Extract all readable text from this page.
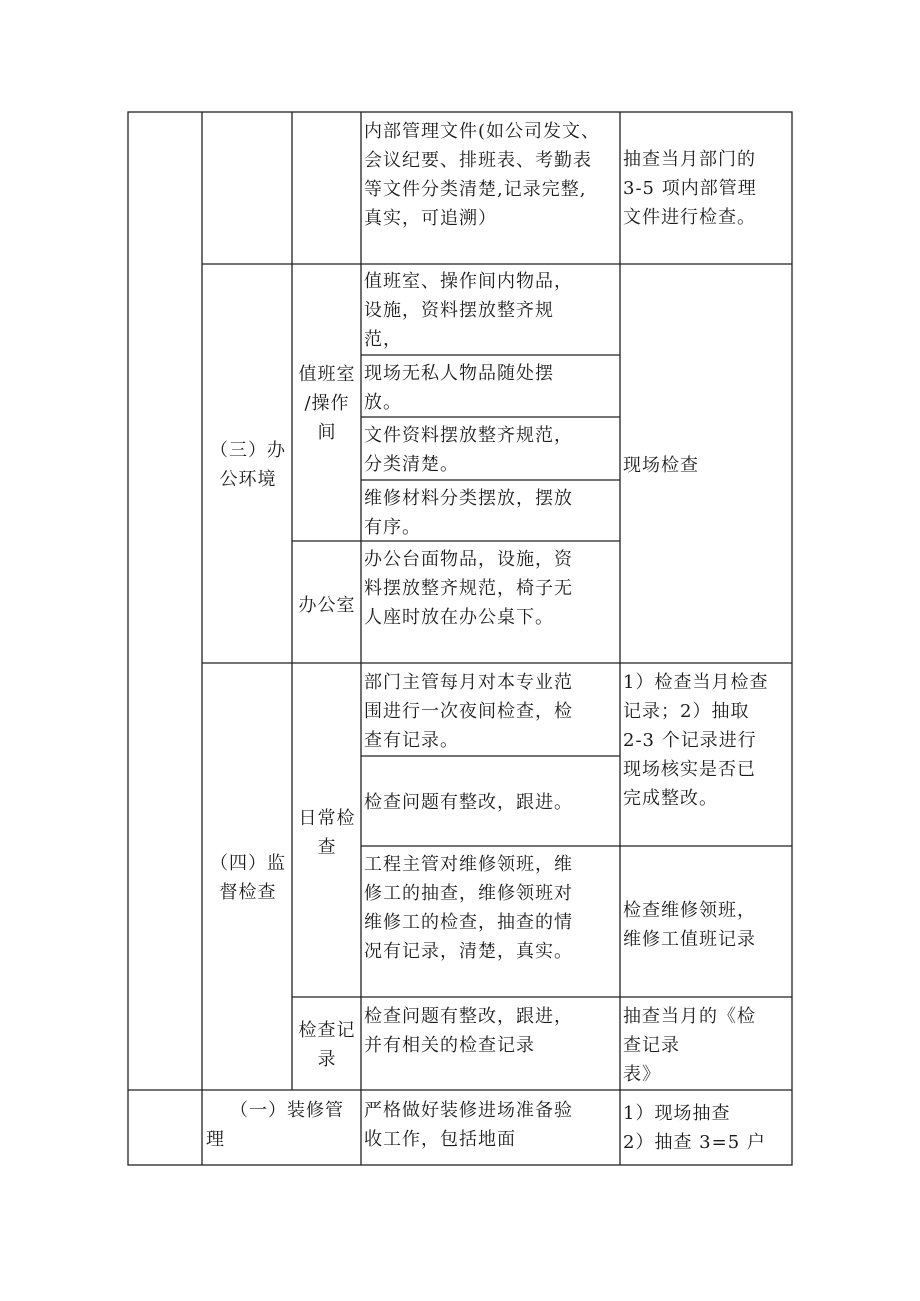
内部管理文件(如公司发文、
会议纪要、排班表、考勤表
等文件分类清楚,记录完整,
真实，可追溯）
抽查当月部门的
3-5 项内部管理
文件进行检查。
（三）办
公环境
值班室
/操作
间
值班室、操作间内物品，
设施，资料摆放整齐规
范，
现场无私人物品随处摆
放。
文件资料摆放整齐规范，
分类清楚。
维修材料分类摆放，摆放
有序。
办公室
办公台面物品，设施，资
料摆放整齐规范，椅子无
人座时放在办公桌下。
现场检查
（四）监
督检查
日常检
查
部门主管每月对本专业范
围进行一次夜间检查，检
查有记录。
检查问题有整改，跟进。
工程主管对维修领班，维
修工的抽查，维修领班对
维修工的检查，抽查的情
况有记录，清楚，真实。
1）检查当月检查
记录；2）抽取
2-3 个记录进行
现场核实是否已
完成整改。
检查维修领班，
维修工值班记录
检查记
录
检查问题有整改，跟进，
并有相关的检查记录
抽查当月的《检
查记录
表》
（一）装修管
理
严格做好装修进场准备验
收工作，包括地面
1）现场抽查
2）抽查 3=5 户
